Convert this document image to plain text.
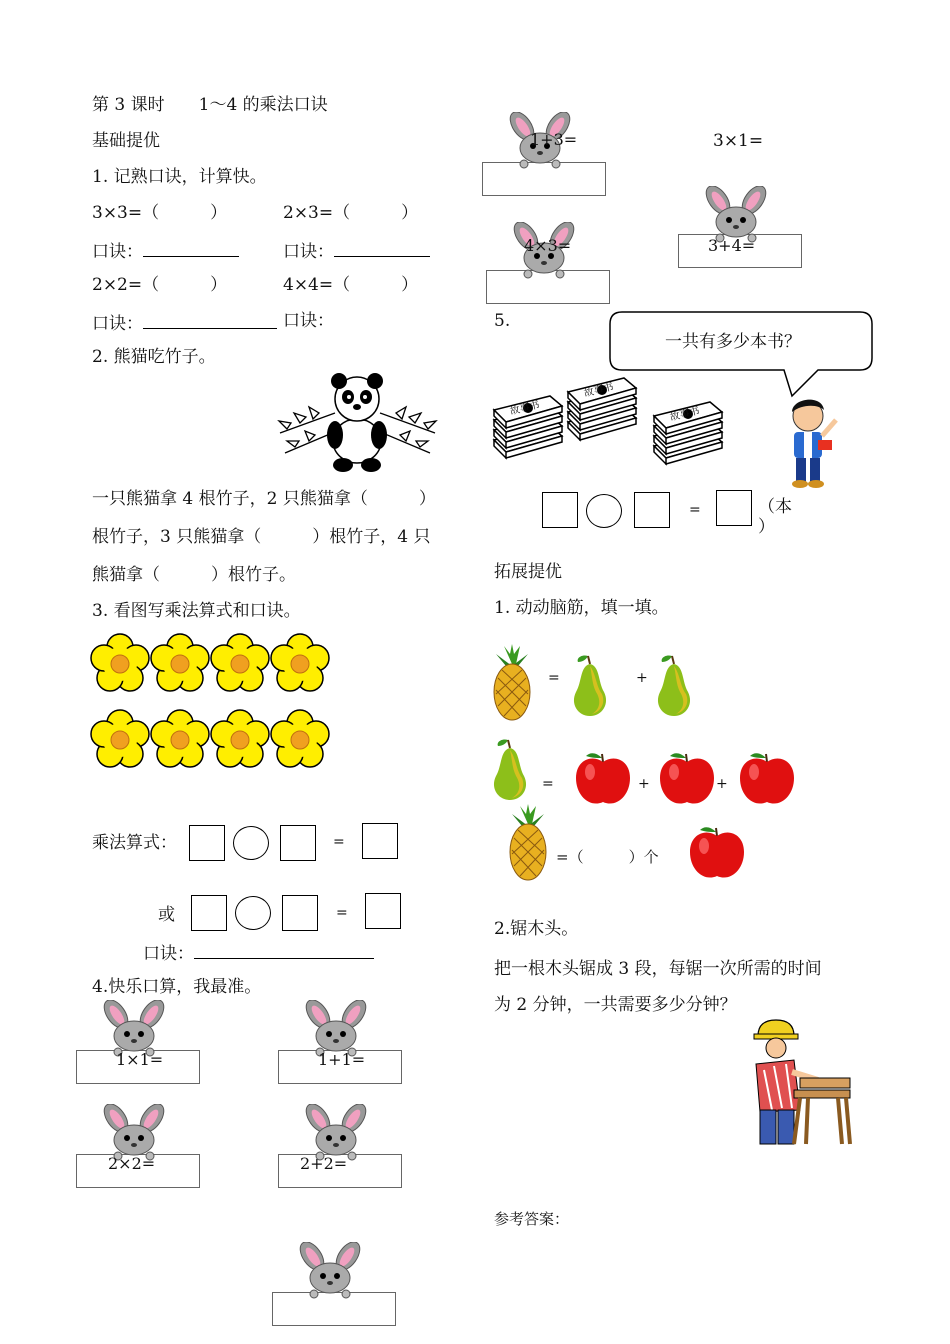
第 3 课时　　1～4 的乘法口诀
基础提优
1. 记熟口诀，计算快。
3×3=（　　　）	2×3=（　　　）
口诀：	口诀：
2×2=（　　　）	4×4=（　　　）
口诀：	口诀：
2. 熊猫吃竹子。
一只熊猫拿 4 根竹子，2 只熊猫拿（　　　）
根竹子，3 只熊猫拿（　　　）根竹子，4 只
熊猫拿（　　　）根竹子。
3. 看图写乘法算式和口诀。
乘法算式：	=
或	=
口诀：
4.快乐口算，我最准。
1×1=	1+1=
2×2=	2+2=
1+3=	3×1=
4×3=	3+4=
5.
一共有多少本书？
故事书
故事书
故事书
=	（本
）
拓展提优
1. 动动脑筋，填一填。
=	+
=	+	+
=（　　　）个
2.锯木头。
把一根木头锯成 3 段，每锯一次所需的时间
为 2 分钟，一共需要多少分钟？
参考答案：
